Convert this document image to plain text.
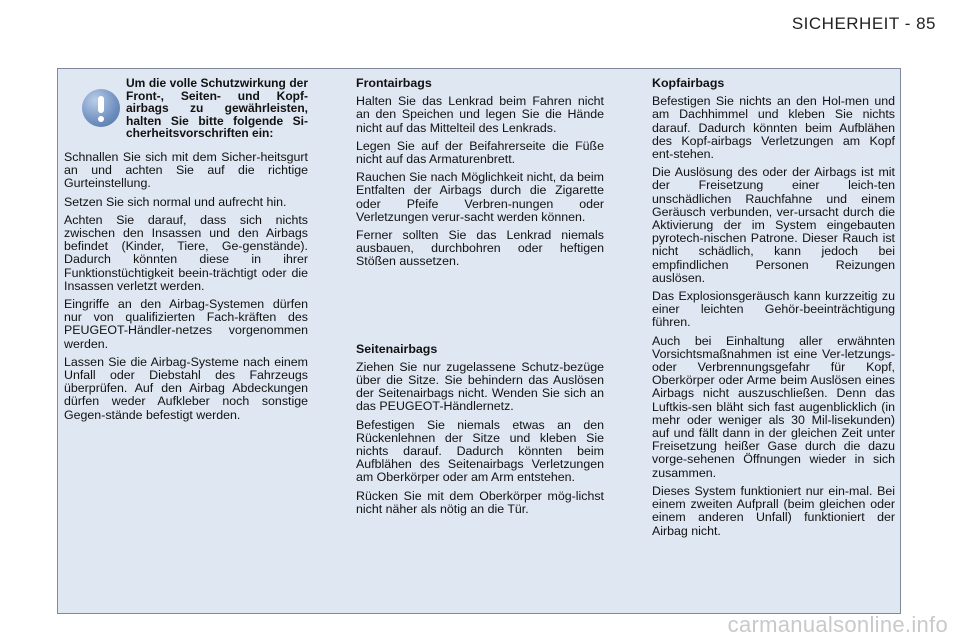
SICHERHEIT - 85
Um die volle Schutzwirkung der Front-, Seiten- und Kopf-airbags zu gewährleisten, halten Sie bitte folgende Si-cherheitsvorschriften ein:

Schnallen Sie sich mit dem Sicher-heitsgurt an und achten Sie auf die richtige Gurteinstellung.

Setzen Sie sich normal und aufrecht hin.

Achten Sie darauf, dass sich nichts zwischen den Insassen und den Airbags befindet (Kinder, Tiere, Ge-genstände). Dadurch könnten diese in ihrer Funktionstüchtigkeit beein-trächtigt oder die Insassen verletzt werden.

Eingriffe an den Airbag-Systemen dürfen nur von qualifizierten Fach-kräften des PEUGEOT-Händler-netzes vorgenommen werden.

Lassen Sie die Airbag-Systeme nach einem Unfall oder Diebstahl des Fahrzeugs überprüfen. Auf den Airbag Abdeckungen dürfen weder Aufkleber noch sonstige Gegen-stände befestigt werden.

Frontairbags

Halten Sie das Lenkrad beim Fahren nicht an den Speichen und legen Sie die Hände nicht auf das Mittelteil des Lenkrads.

Legen Sie auf der Beifahrerseite die Füße nicht auf das Armaturenbrett.

Rauchen Sie nach Möglichkeit nicht, da beim Entfalten der Airbags durch die Zigarette oder Pfeife Verbren-nungen oder Verletzungen verur-sacht werden können.

Ferner sollten Sie das Lenkrad niemals ausbauen, durchbohren oder heftigen Stößen aussetzen.

Seitenairbags

Ziehen Sie nur zugelassene Schutz-bezüge über die Sitze. Sie behindern das Auslösen der Seitenairbags nicht. Wenden Sie sich an das PEUGEOT-Händlernetz.

Befestigen Sie niemals etwas an den Rückenlehnen der Sitze und kleben Sie nichts darauf. Dadurch könnten beim Aufblähen des Seitenairbags Verletzungen am Oberkörper oder am Arm entstehen.

Rücken Sie mit dem Oberkörper mög-lichst nicht näher als nötig an die Tür.

Kopfairbags

Befestigen Sie nichts an den Hol-men und am Dachhimmel und kleben Sie nichts darauf. Dadurch könnten beim Aufblähen des Kopf-airbags Verletzungen am Kopf ent-stehen.

Die Auslösung des oder der Airbags ist mit der Freisetzung einer leich-ten unschädlichen Rauchfahne und einem Geräusch verbunden, ver-ursacht durch die Aktivierung der im System eingebauten pyrotech-nischen Patrone. Dieser Rauch ist nicht schädlich, kann jedoch bei empfindlichen Personen Reizungen auslösen.

Das Explosionsgeräusch kann kurzzeitig zu einer leichten Gehör-beeinträchtigung führen.

Auch bei Einhaltung aller erwähnten Vorsichtsmaßnahmen ist eine Ver-letzungs- oder Verbrennungsgefahr für Kopf, Oberkörper oder Arme beim Auslösen eines Airbags nicht auszuschließen. Denn das Luftkis-sen bläht sich fast augenblicklich (in mehr oder weniger als 30 Mil-lisekunden) auf und fällt dann in der gleichen Zeit unter Freisetzung heißer Gase durch die dazu vorge-sehenen Öffnungen wieder in sich zusammen.

Dieses System funktioniert nur ein-mal. Bei einem zweiten Aufprall (beim gleichen oder einem anderen Unfall) funktioniert der Airbag nicht.

carmanualsonline.info
